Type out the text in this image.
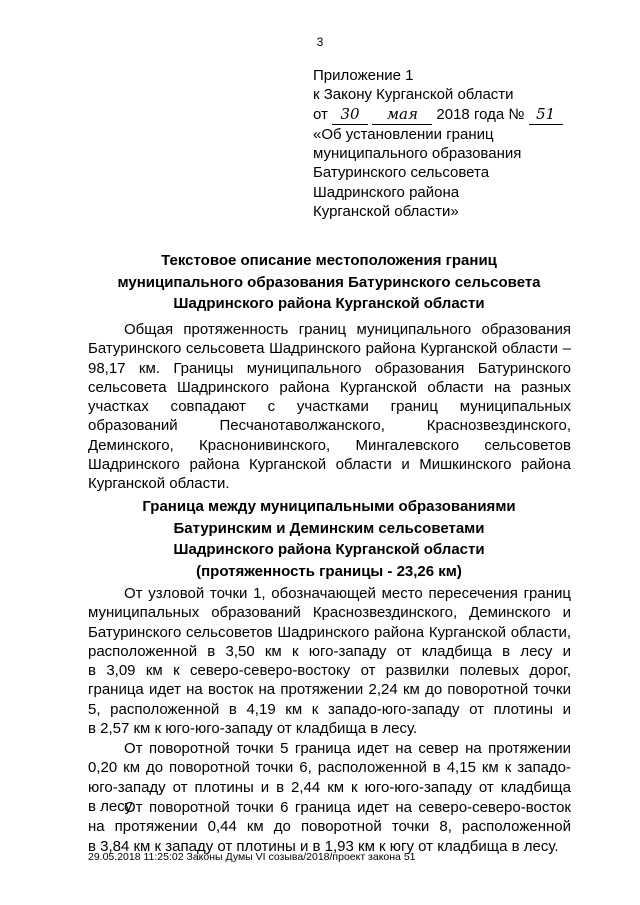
3
Приложение 1
к Закону Курганской области
от 30 мая 2018 года № 51
«Об установлении границ
муниципального образования
Батуринского сельсовета
Шадринского района
Курганской области»
Текстовое описание местоположения границ
муниципального образования Батуринского сельсовета
Шадринского района Курганской области
Общая протяженность границ муниципального образования
Батуринского сельсовета Шадринского района Курганской области –
98,17 км. Границы муниципального образования Батуринского
сельсовета Шадринского района Курганской области на разных
участках совпадают с участками границ муниципальных
образований Песчанотаволжанского, Краснозвездинского,
Деминского, Краснонивинского, Мингалевского сельсоветов
Шадринского района Курганской области и Мишкинского района
Курганской области.
Граница между муниципальными образованиями
Батуринским и Деминским сельсоветами
Шадринского района Курганской области
(протяженность границы - 23,26 км)
От узловой точки 1, обозначающей место пересечения границ
муниципальных образований Краснозвездинского, Деминского и
Батуринского сельсоветов Шадринского района Курганской области,
расположенной в 3,50 км к юго-западу от кладбища в лесу и
в 3,09 км к северо-северо-востоку от развилки полевых дорог,
граница идет на восток на протяжении 2,24 км до поворотной точки
5, расположенной в 4,19 км к западо-юго-западу от плотины и
в 2,57 км к юго-юго-западу от кладбища в лесу.
От поворотной точки 5 граница идет на север на протяжении
0,20 км до поворотной точки 6, расположенной в 4,15 км к западо-
юго-западу от плотины и в 2,44 км к юго-юго-западу от кладбища
в лесу.
От поворотной точки 6 граница идет на северо-северо-восток
на протяжении 0,44 км до поворотной точки 8, расположенной
в 3,84 км к западу от плотины и в 1,93 км к югу от кладбища в лесу.
29.05.2018 11:25:02 Законы Думы VI созыва/2018/проект закона 51
